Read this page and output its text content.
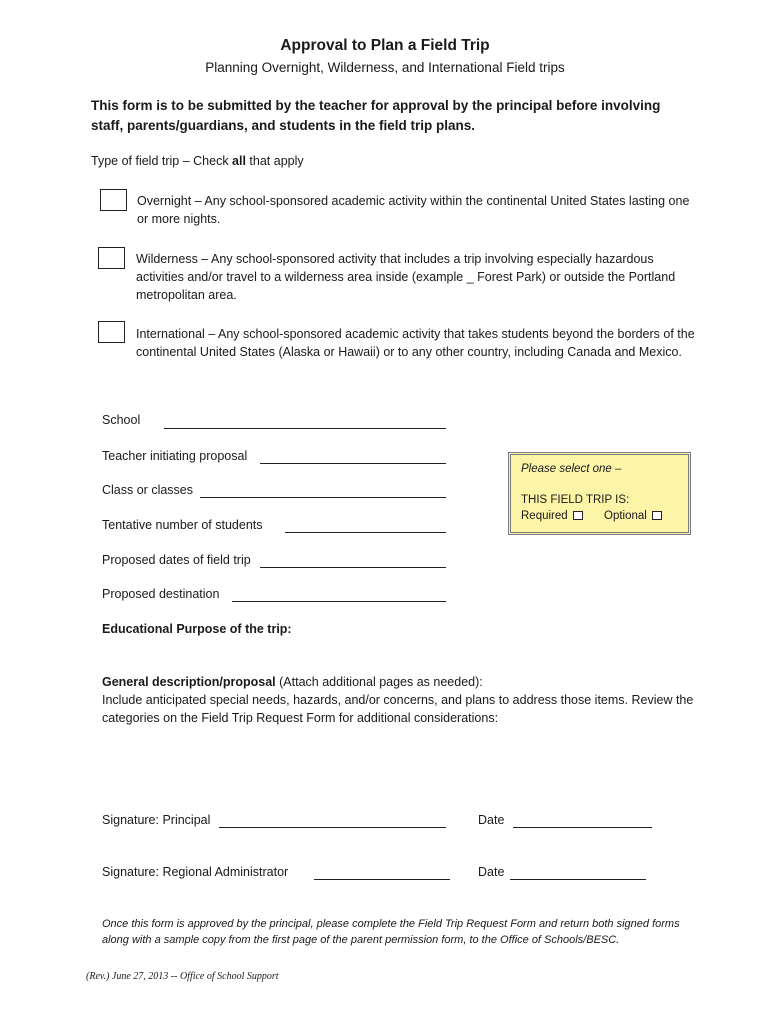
Approval to Plan a Field Trip
Planning Overnight, Wilderness, and International Field trips
This form is to be submitted by the teacher for approval by the principal before involving staff, parents/guardians, and students in the field trip plans.
Type of field trip – Check all that apply
Overnight – Any school-sponsored academic activity within the continental United States lasting one or more nights.
Wilderness – Any school-sponsored activity that includes a trip involving especially hazardous activities and/or travel to a wilderness area inside (example _ Forest Park) or outside the Portland metropolitan area.
International – Any school-sponsored academic activity that takes students beyond the borders of the continental United States (Alaska or Hawaii) or to any other country, including Canada and Mexico.
School
Teacher initiating proposal
Class or classes
Tentative number of students
Proposed dates of field trip
Proposed destination
Please select one –
THIS FIELD TRIP IS:
Required	Optional
Educational Purpose of the trip:
General description/proposal (Attach additional pages as needed):
Include anticipated special needs, hazards, and/or concerns, and plans to address those items. Review the categories on the Field Trip Request Form for additional considerations:
Signature: Principal	Date
Signature: Regional Administrator	Date
Once this form is approved by the principal, please complete the Field Trip Request Form and return both signed forms along with a sample copy from the first page of the parent permission form, to the Office of Schools/BESC.
(Rev.) June 27, 2013 -- Office of School Support
